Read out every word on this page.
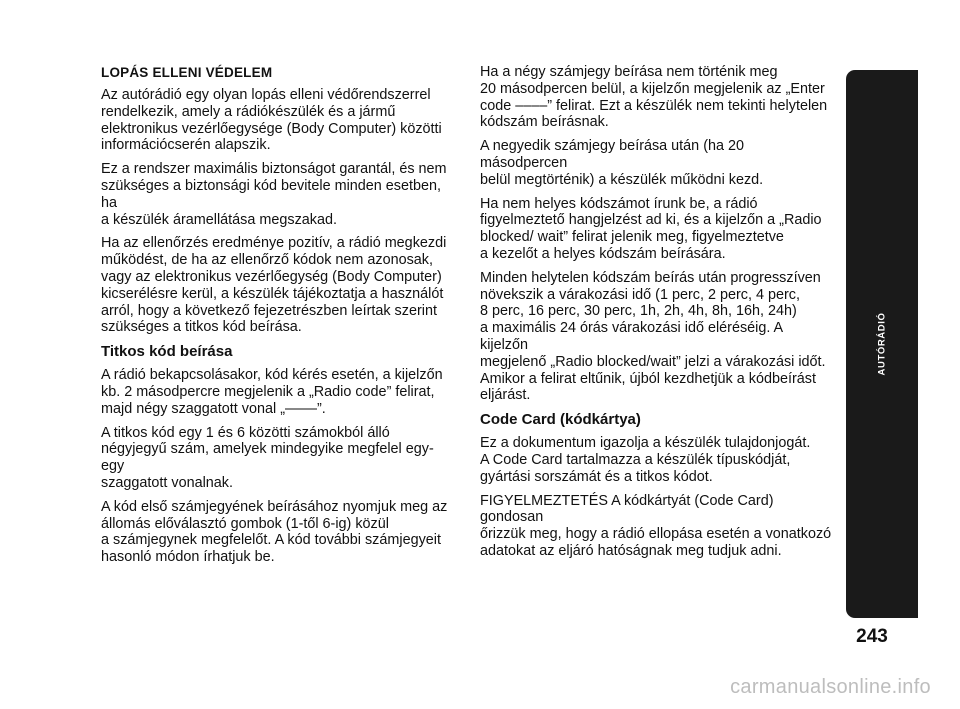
LOPÁS ELLENI VÉDELEM

Az autórádió egy olyan lopás elleni védőrendszerrel
rendelkezik, amely a rádiókészülék és a jármű
elektronikus vezérlőegysége (Body Computer) közötti
információcserén alapszik.

Ez a rendszer maximális biztonságot garantál, és nem
szükséges a biztonsági kód bevitele minden esetben, ha
a készülék áramellátása megszakad.

Ha az ellenőrzés eredménye pozitív, a rádió megkezdi
működést, de ha az ellenőrző kódok nem azonosak,
vagy az elektronikus vezérlőegység (Body Computer)
kicserélésre kerül, a készülék tájékoztatja a használót
arról, hogy a következő fejezetrészben leírtak szerint
szükséges a titkos kód beírása.

Titkos kód beírása

A rádió bekapcsolásakor, kód kérés esetén, a kijelzőn
kb. 2 másodpercre megjelenik a „Radio code” felirat,
majd négy szaggatott vonal „––––”.

A titkos kód egy 1 és 6 közötti számokból álló
négyjegyű szám, amelyek mindegyike megfelel egy-egy
szaggatott vonalnak.

A kód első számjegyének beírásához nyomjuk meg az
állomás előválasztó gombok (1-től 6-ig) közül
a számjegynek megfelelőt. A kód további számjegyeit
hasonló módon írhatjuk be.

Ha a négy számjegy beírása nem történik meg
20 másodpercen belül, a kijelzőn megjelenik az „Enter
code ––––” felirat. Ezt a készülék nem tekinti helytelen
kódszám beírásnak.

A negyedik számjegy beírása után (ha 20 másodpercen
belül megtörténik) a készülék működni kezd.

Ha nem helyes kódszámot írunk be, a rádió
figyelmeztető hangjelzést ad ki, és a kijelzőn a „Radio
blocked/ wait” felirat jelenik meg, figyelmeztetve
a kezelőt a helyes kódszám beírására.

Minden helytelen kódszám beírás után progresszíven
növekszik a várakozási idő (1 perc, 2 perc, 4 perc,
8 perc, 16 perc, 30 perc, 1h, 2h, 4h, 8h, 16h, 24h)
a maximális 24 órás várakozási idő eléréséig. A kijelzőn
megjelenő „Radio blocked/wait” jelzi a várakozási időt.
Amikor a felirat eltűnik, újból kezdhetjük a kódbeírást
eljárást.

Code Card (kódkártya)

Ez a dokumentum igazolja a készülék tulajdonjogát.
A Code Card tartalmazza a készülék típuskódját,
gyártási sorszámát és a titkos kódot.

FIGYELMEZTETÉS A kódkártyát (Code Card) gondosan
őrizzük meg, hogy a rádió ellopása esetén a vonatkozó
adatokat az eljáró hatóságnak meg tudjuk adni.

AUTÓRÁDIÓ
243
carmanualsonline.info
